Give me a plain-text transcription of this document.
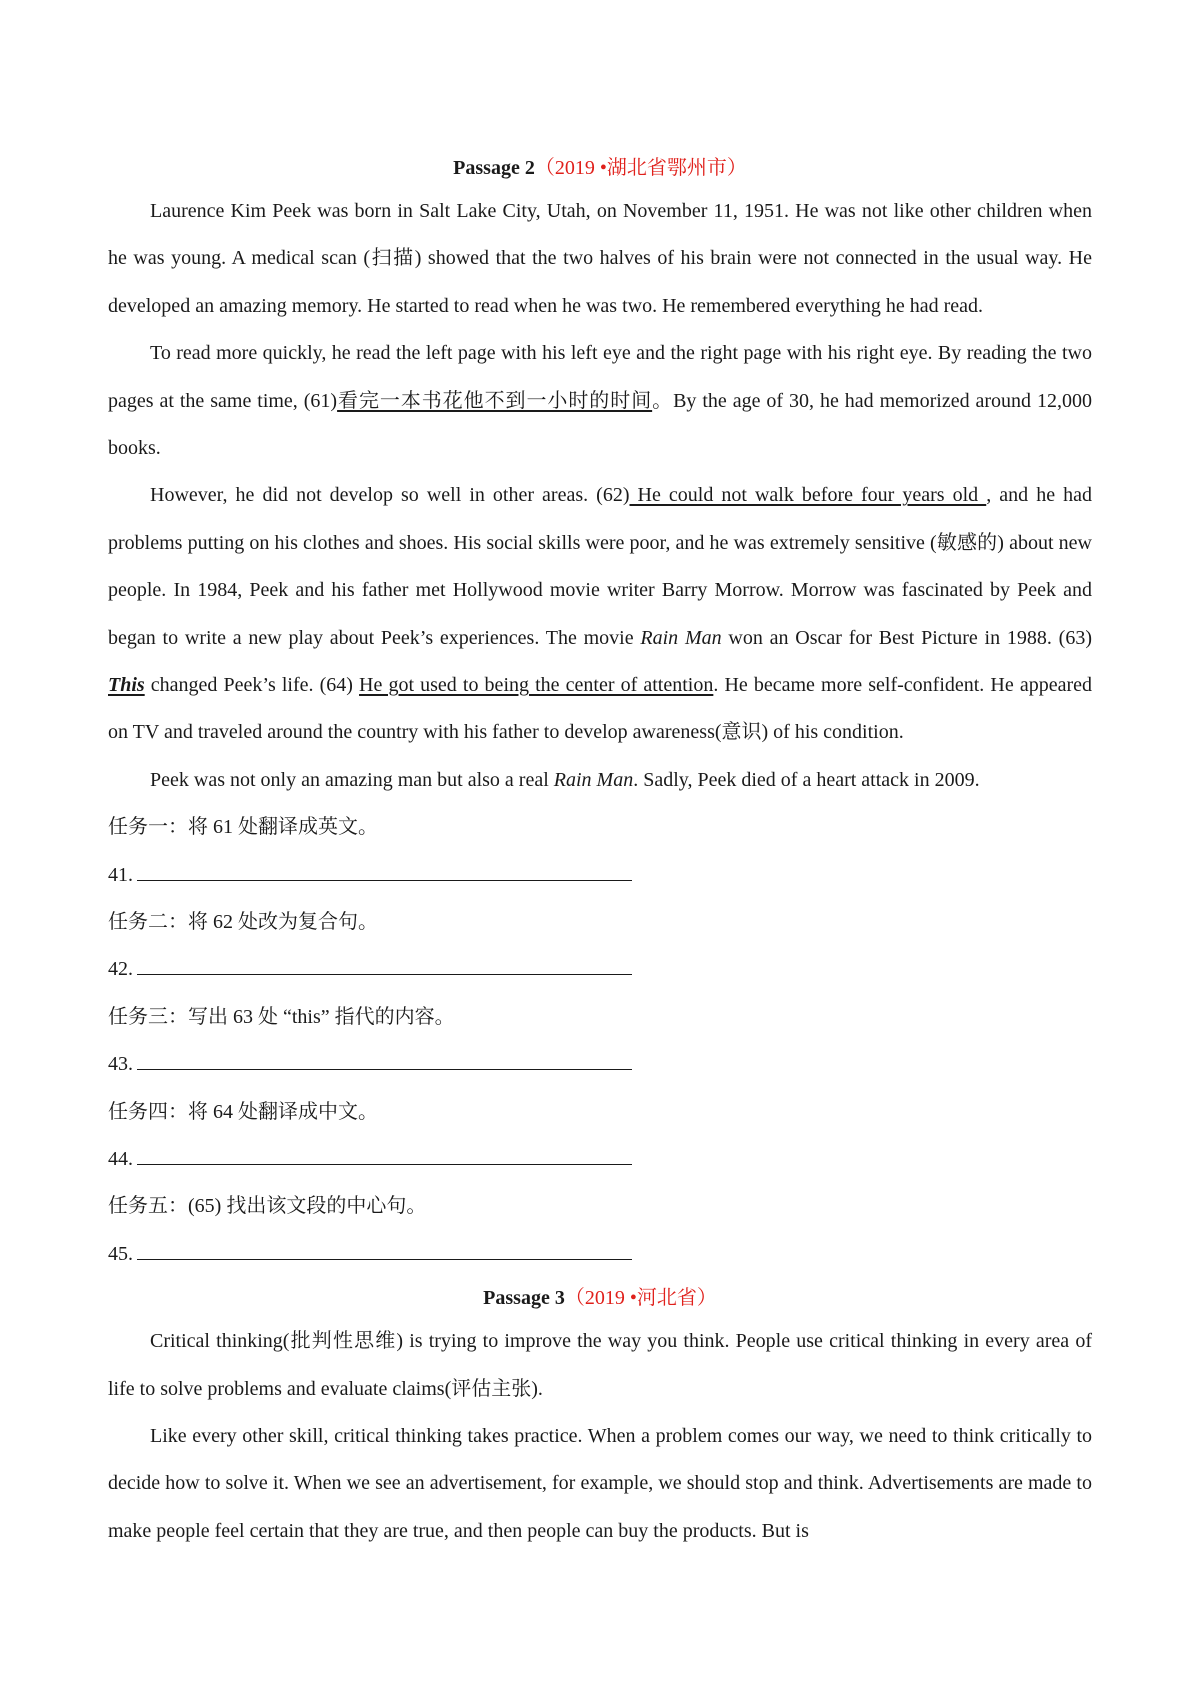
Passage 2（2019 •湖北省鄂州市）

Laurence Kim Peek was born in Salt Lake City, Utah, on November 11, 1951. He was not like other children when he was young. A medical scan (扫描) showed that the two halves of his brain were not connected in the usual way. He developed an amazing memory. He started to read when he was two. He remembered everything he had read.

To read more quickly, he read the left page with his left eye and the right page with his right eye. By reading the two pages at the same time, (61)看完一本书花他不到一小时的时间。By the age of 30, he had memorized around 12,000 books.

However, he did not develop so well in other areas. (62) He could not walk before four years old , and he had problems putting on his clothes and shoes. His social skills were poor, and he was extremely sensitive (敏感的) about new people. In 1984, Peek and his father met Hollywood movie writer Barry Morrow. Morrow was fascinated by Peek and began to write a new play about Peek’s experiences. The movie Rain Man won an Oscar for Best Picture in 1988. (63) This changed Peek’s life. (64) He got used to being the center of attention. He became more self-confident. He appeared on TV and traveled around the country with his father to develop awareness(意识) of his condition.

Peek was not only an amazing man but also a real Rain Man. Sadly, Peek died of a heart attack in 2009.

任务一：将 61 处翻译成英文。
41.
任务二：将 62 处改为复合句。
42.
任务三：写出 63 处 “this” 指代的内容。
43.
任务四：将 64 处翻译成中文。
44.
任务五：(65) 找出该文段的中心句。
45.
Passage 3（2019 •河北省）

Critical thinking(批判性思维) is trying to improve the way you think. People use critical thinking in every area of life to solve problems and evaluate claims(评估主张).

Like every other skill, critical thinking takes practice. When a problem comes our way, we need to think critically to decide how to solve it. When we see an advertisement, for example, we should stop and think. Advertisements are made to make people feel certain that they are true, and then people can buy the products. But is
